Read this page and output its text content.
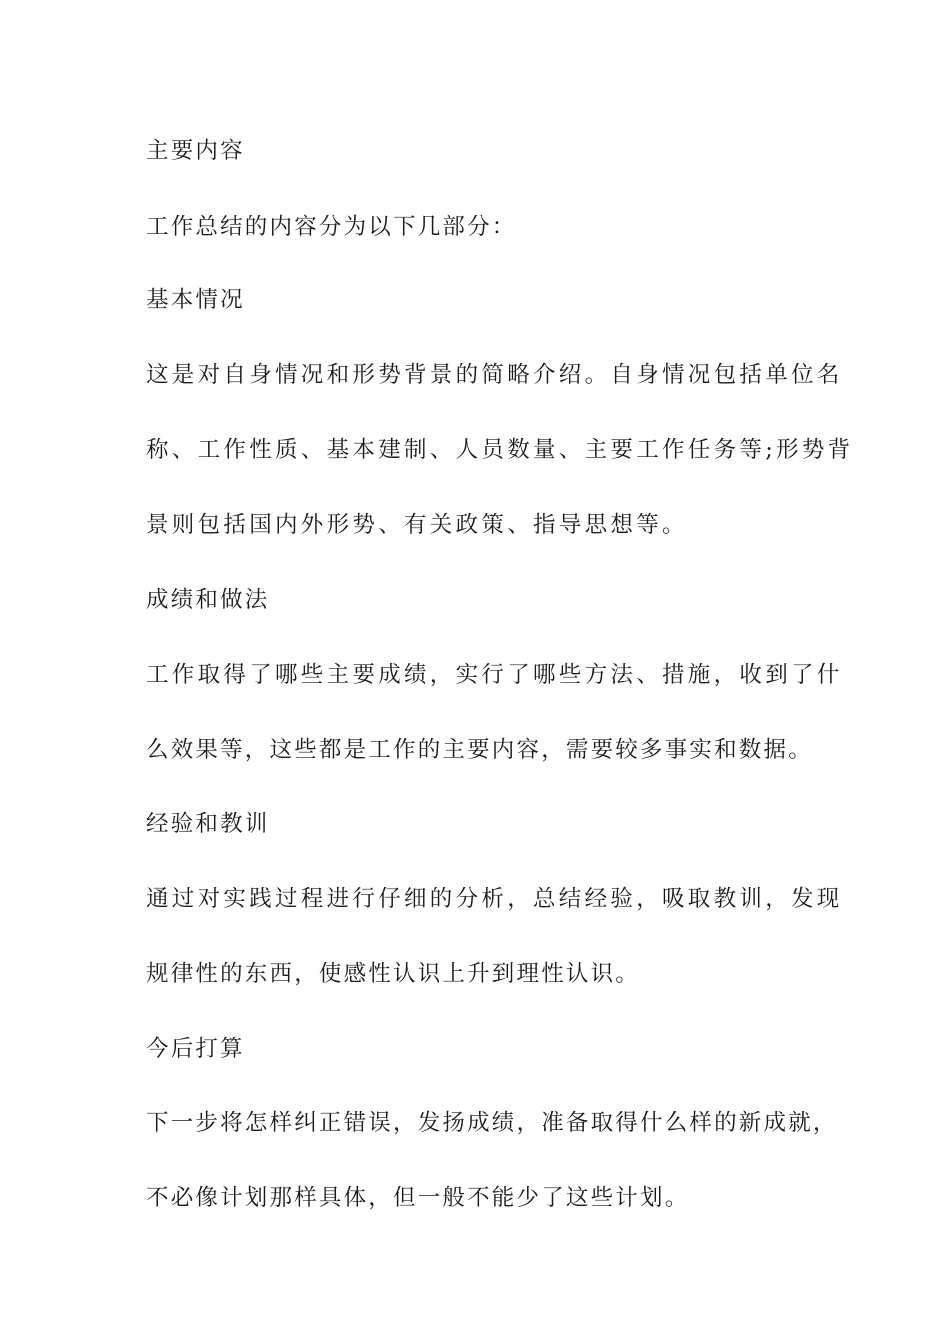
主要内容
工作总结的内容分为以下几部分：
基本情况
这是对自身情况和形势背景的简略介绍。自身情况包括单位名
称、工作性质、基本建制、人员数量、主要工作任务等;形势背
景则包括国内外形势、有关政策、指导思想等。
成绩和做法
工作取得了哪些主要成绩，实行了哪些方法、措施，收到了什
么效果等，这些都是工作的主要内容，需要较多事实和数据。
经验和教训
通过对实践过程进行仔细的分析，总结经验，吸取教训，发现
规律性的东西，使感性认识上升到理性认识。
今后打算
下一步将怎样纠正错误，发扬成绩，准备取得什么样的新成就，
不必像计划那样具体，但一般不能少了这些计划。
